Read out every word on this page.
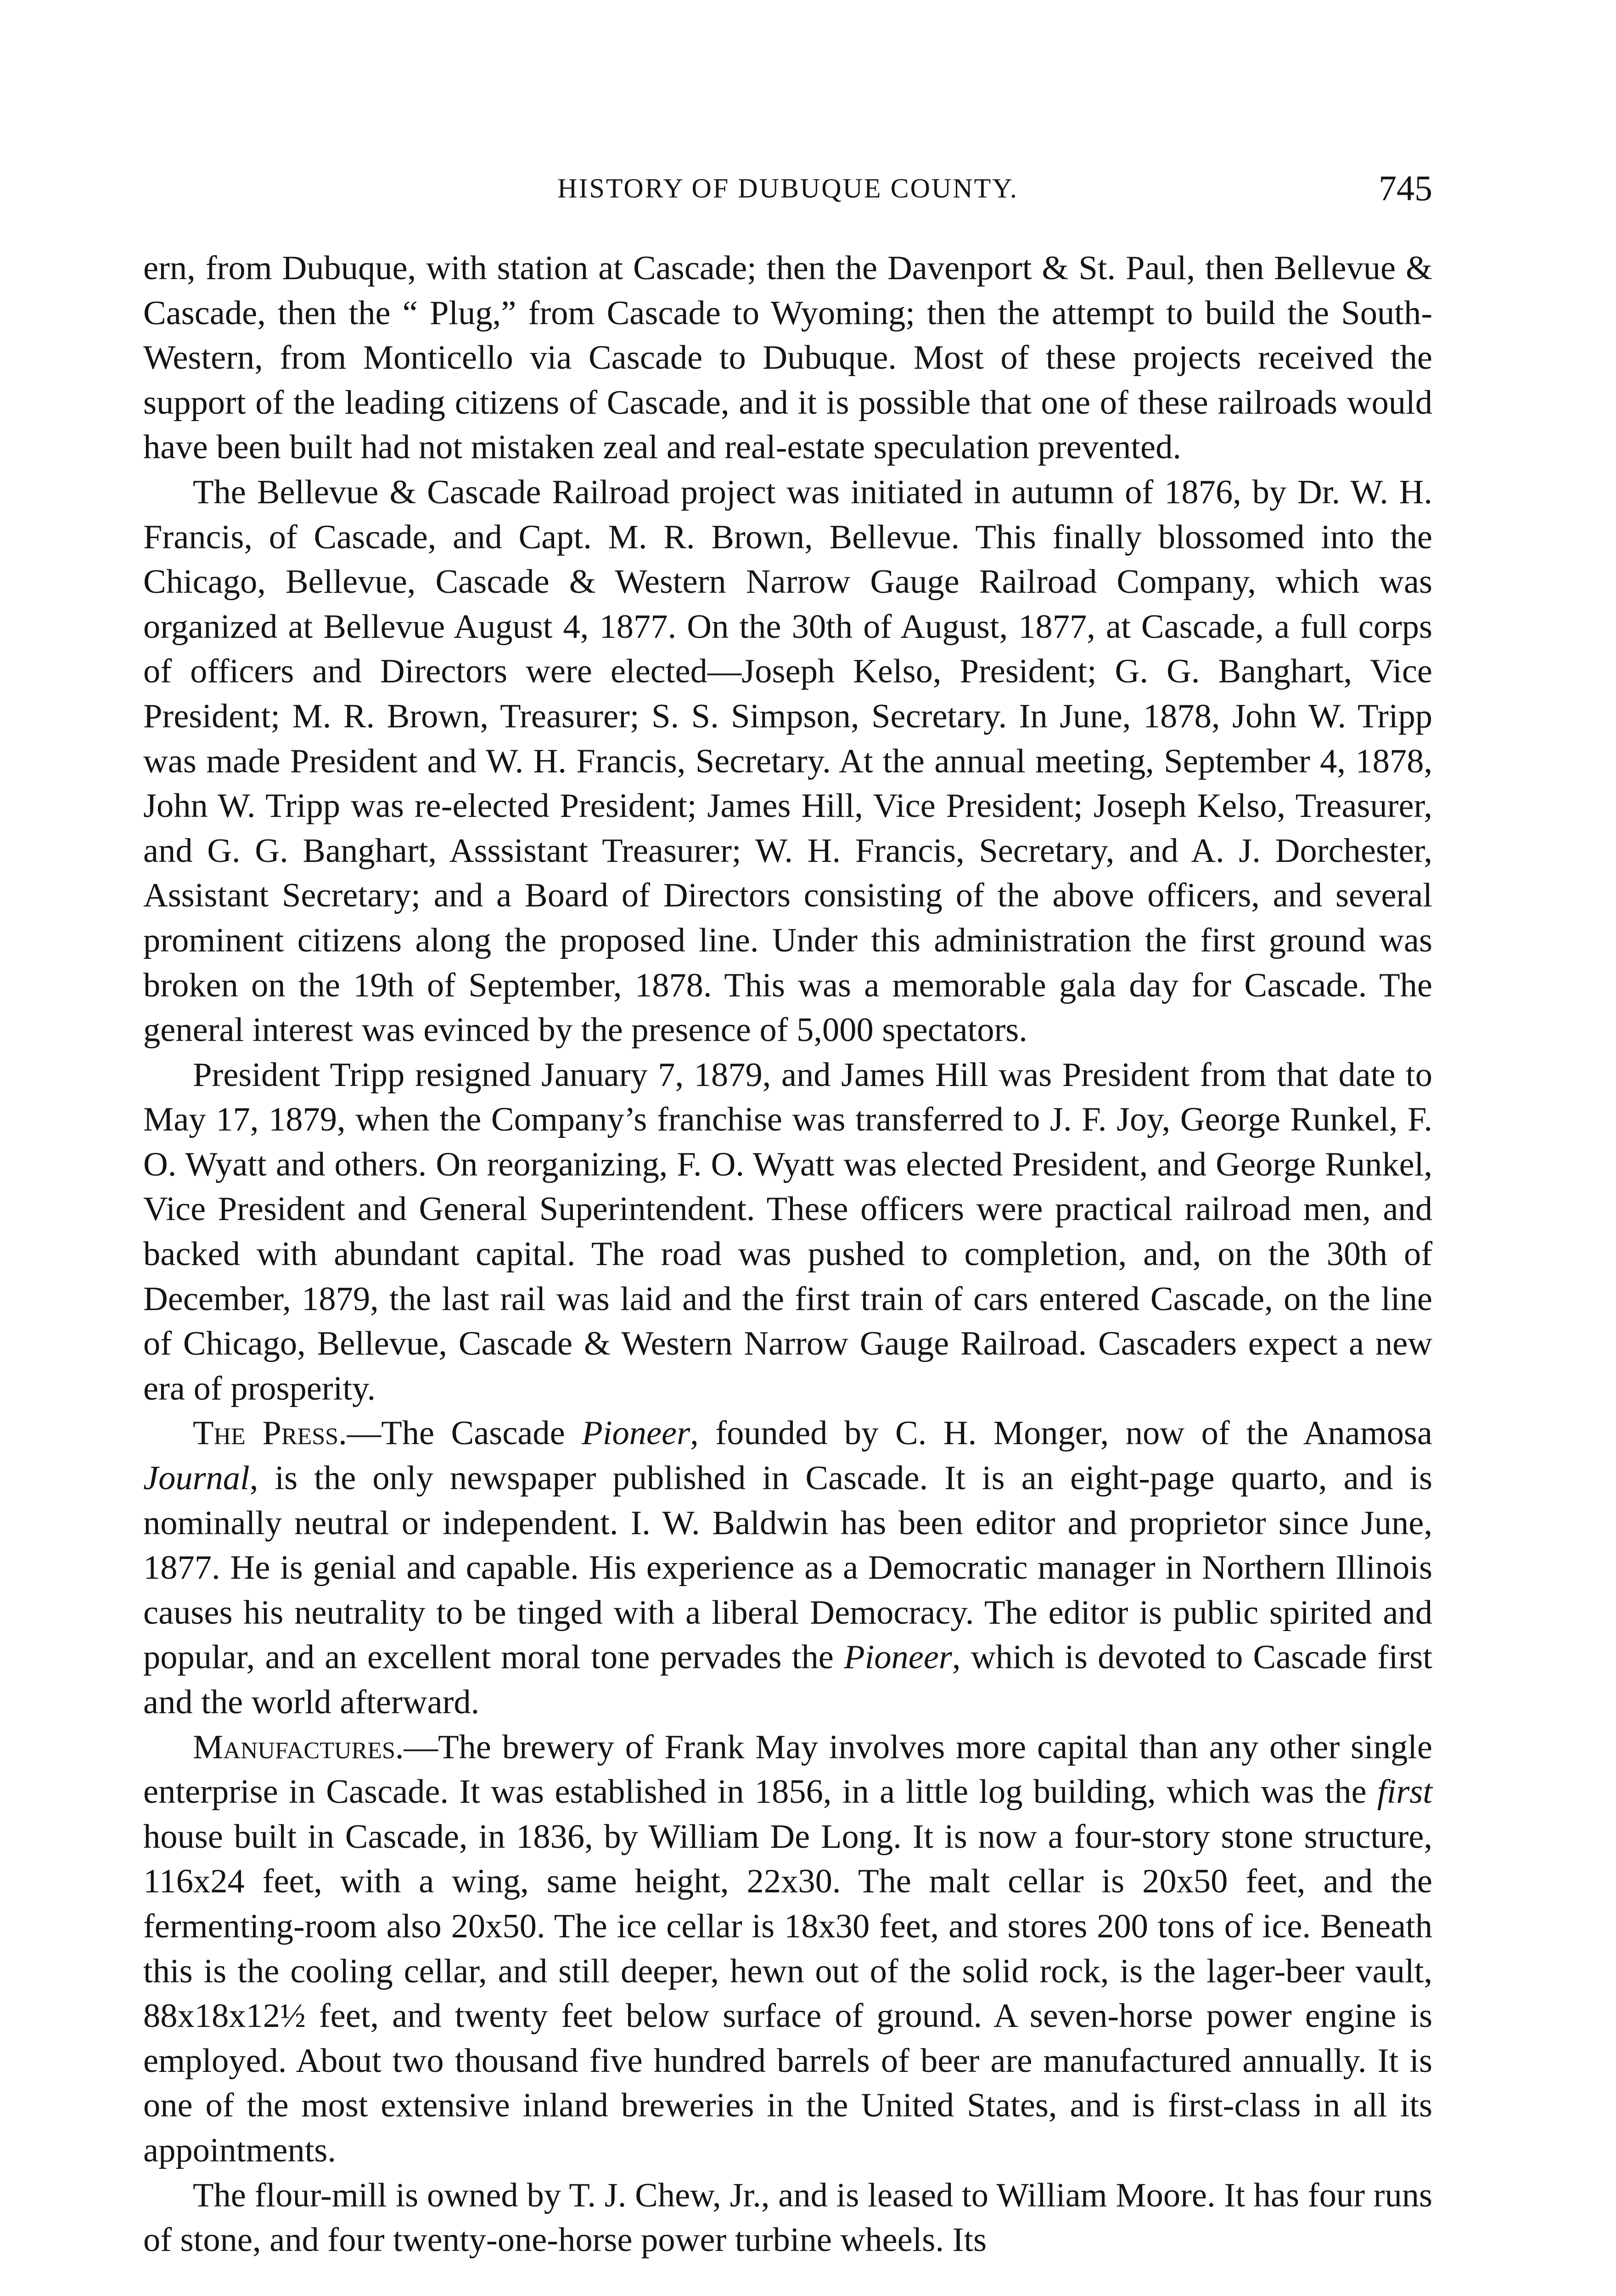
HISTORY OF DUBUQUE COUNTY.	745

ern, from Dubuque, with station at Cascade; then the Davenport & St. Paul, then Bellevue & Cascade, then the “ Plug,” from Cascade to Wyoming; then the attempt to build the South-Western, from Monticello via Cascade to Dubuque. Most of these projects received the support of the leading citizens of Cascade, and it is possible that one of these railroads would have been built had not mistaken zeal and real-estate speculation prevented.

The Bellevue & Cascade Railroad project was initiated in autumn of 1876, by Dr. W. H. Francis, of Cascade, and Capt. M. R. Brown, Bellevue. This finally blossomed into the Chicago, Bellevue, Cascade & Western Narrow Gauge Railroad Company, which was organized at Bellevue August 4, 1877. On the 30th of August, 1877, at Cascade, a full corps of officers and Directors were elected—Joseph Kelso, President; G. G. Banghart, Vice President; M. R. Brown, Treasurer; S. S. Simpson, Secretary. In June, 1878, John W. Tripp was made President and W. H. Francis, Secretary. At the annual meeting, September 4, 1878, John W. Tripp was re-elected President; James Hill, Vice President; Joseph Kelso, Treasurer, and G. G. Banghart, Asssistant Treasurer; W. H. Francis, Secretary, and A. J. Dorchester, Assistant Secretary; and a Board of Directors consisting of the above officers, and several prominent citizens along the proposed line. Under this administration the first ground was broken on the 19th of September, 1878. This was a memorable gala day for Cascade. The general interest was evinced by the presence of 5,000 spectators.

President Tripp resigned January 7, 1879, and James Hill was President from that date to May 17, 1879, when the Company’s franchise was transferred to J. F. Joy, George Runkel, F. O. Wyatt and others. On reorganizing, F. O. Wyatt was elected President, and George Runkel, Vice President and General Superintendent. These officers were practical railroad men, and backed with abundant capital. The road was pushed to completion, and, on the 30th of December, 1879, the last rail was laid and the first train of cars entered Cascade, on the line of Chicago, Bellevue, Cascade & Western Narrow Gauge Railroad. Cascaders expect a new era of prosperity.

The Press.—The Cascade Pioneer, founded by C. H. Monger, now of the Anamosa Journal, is the only newspaper published in Cascade. It is an eight-page quarto, and is nominally neutral or independent. I. W. Baldwin has been editor and proprietor since June, 1877. He is genial and capable. His experience as a Democratic manager in Northern Illinois causes his neutrality to be tinged with a liberal Democracy. The editor is public spirited and popular, and an excellent moral tone pervades the Pioneer, which is devoted to Cascade first and the world afterward.

Manufactures.—The brewery of Frank May involves more capital than any other single enterprise in Cascade. It was established in 1856, in a little log building, which was the first house built in Cascade, in 1836, by William De Long. It is now a four-story stone structure, 116x24 feet, with a wing, same height, 22x30. The malt cellar is 20x50 feet, and the fermenting-room also 20x50. The ice cellar is 18x30 feet, and stores 200 tons of ice. Beneath this is the cooling cellar, and still deeper, hewn out of the solid rock, is the lager-beer vault, 88x18x12½ feet, and twenty feet below surface of ground. A seven-horse power engine is employed. About two thousand five hundred barrels of beer are manufactured annually. It is one of the most extensive inland breweries in the United States, and is first-class in all its appointments.

The flour-mill is owned by T. J. Chew, Jr., and is leased to William Moore. It has four runs of stone, and four twenty-one-horse power turbine wheels. Its
